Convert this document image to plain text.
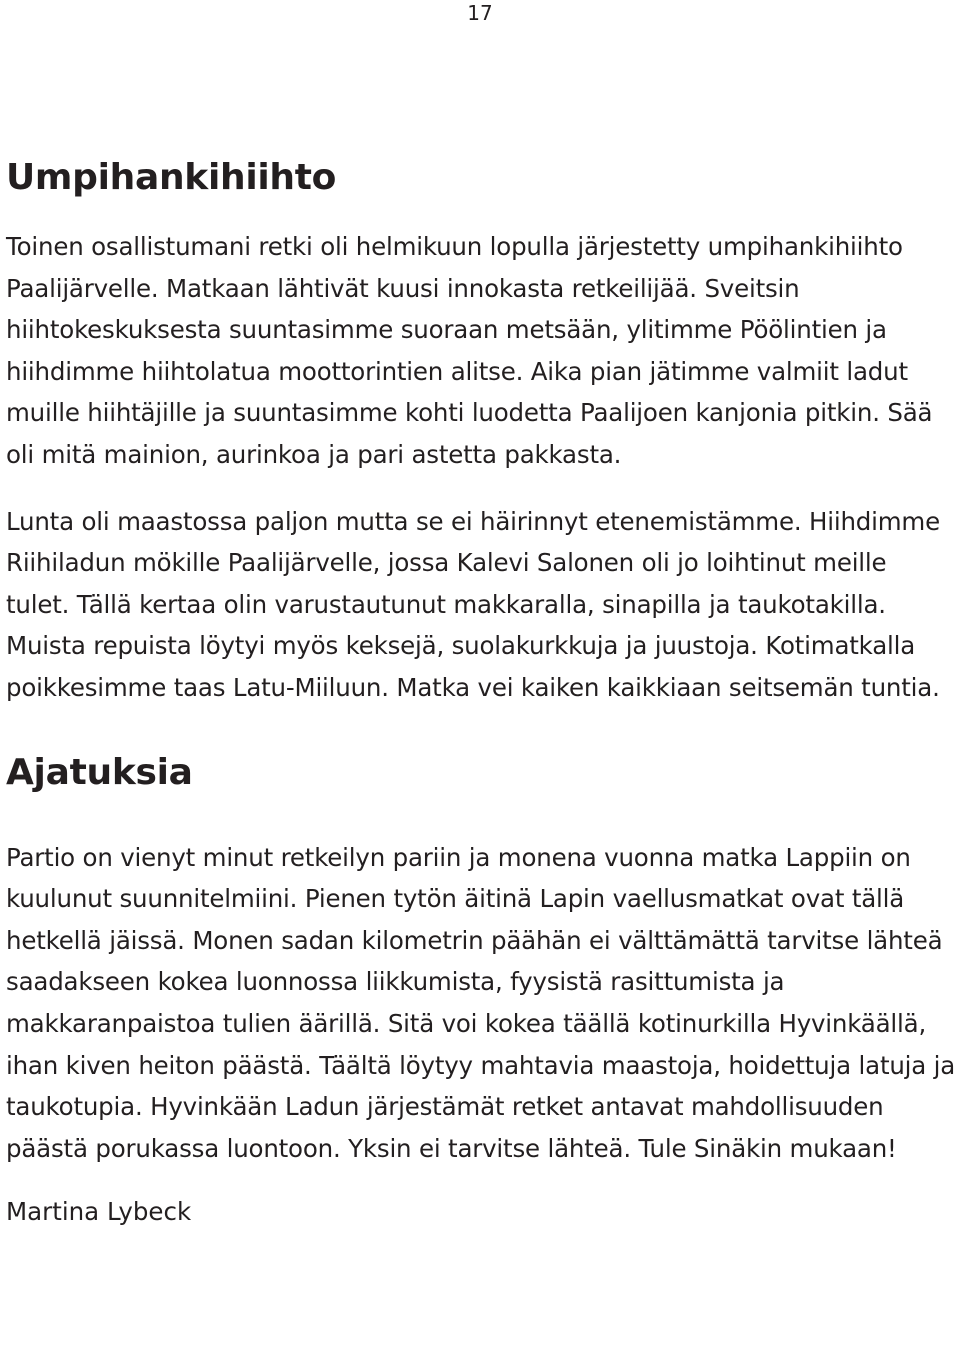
17
Umpihankihiihto

Toinen osallistumani retki oli helmikuun lopulla järjestetty umpihankihiihto Paalijärvelle. Matkaan lähtivät kuusi innokasta retkeilijää. Sveitsin hiihtokeskuksesta suuntasimme suoraan metsään, ylitimme Pöölintien ja hiihdimme hiihtolatua moottorintien alitse. Aika pian jätimme valmiit ladut muille hiihtäjille ja suuntasimme kohti luodetta Paalijoen kanjonia pitkin. Sää oli mitä mainion, aurinkoa ja pari astetta pakkasta.

Lunta oli maastossa paljon mutta se ei häirinnyt etenemistämme. Hiihdimme Riihiladun mökille Paalijärvelle, jossa Kalevi Salonen oli jo loihtinut meille tulet. Tällä kertaa olin varustautunut makkaralla, sinapilla ja taukotakilla. Muista repuista löytyi myös keksejä, suolakurkkuja ja juustoja. Kotimatkalla poikkesimme taas Latu-Miiluun. Matka vei kaiken kaikkiaan seitsemän tuntia.

Ajatuksia

Partio on vienyt minut retkeilyn pariin ja monena vuonna matka Lappiin on kuulunut suunnitelmiini. Pienen tytön äitinä Lapin vaellusmatkat ovat tällä hetkellä jäissä. Monen sadan kilometrin päähän ei välttämättä tarvitse lähteä saadakseen kokea luonnossa liikkumista, fyysistä rasittumista ja makkaranpaistoa tulien äärillä. Sitä voi kokea täällä kotinurkilla Hyvinkäällä, ihan kiven heiton päästä. Täältä löytyy mahtavia maastoja, hoidettuja latuja ja taukotupia. Hyvinkään Ladun järjestämät retket antavat mahdollisuuden päästä porukassa luontoon. Yksin ei tarvitse lähteä. Tule Sinäkin mukaan!

Martina Lybeck
